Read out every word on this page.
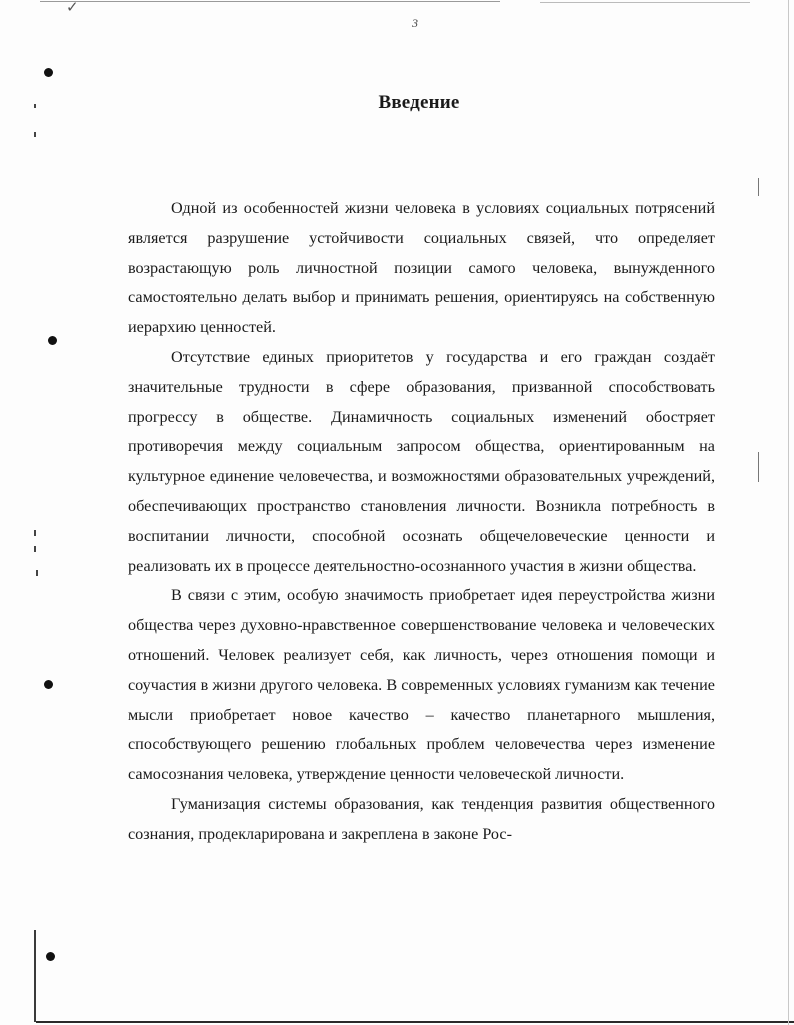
✓
3
Введение

Одной из особенностей жизни человека в условиях социальных потрясений является разрушение устойчивости социальных связей, что определяет возрастающую роль личностной позиции самого человека, вынужденного самостоятельно делать выбор и принимать решения, ориентируясь на собственную иерархию ценностей.

Отсутствие единых приоритетов у государства и его граждан создаёт значительные трудности в сфере образования, призванной способствовать прогрессу в обществе. Динамичность социальных изменений обостряет противоречия между социальным запросом общества, ориентированным на культурное единение человечества, и возможностями образовательных учреждений, обеспечивающих пространство становления личности. Возникла потребность в воспитании личности, способной осознать общечеловеческие ценности и реализовать их в процессе деятельностно-осознанного участия в жизни общества.

В связи с этим, особую значимость приобретает идея переустройства жизни общества через духовно-нравственное совершенствование человека и человеческих отношений. Человек реализует себя, как личность, через отношения помощи и соучастия в жизни другого человека. В современных условиях гуманизм как течение мысли приобретает новое качество – качество планетарного мышления, способствующего решению глобальных проблем человечества через изменение самосознания человека, утверждение ценности человеческой личности.

Гуманизация системы образования, как тенденция развития общественного сознания, продекларирована и закреплена в законе Рос-
